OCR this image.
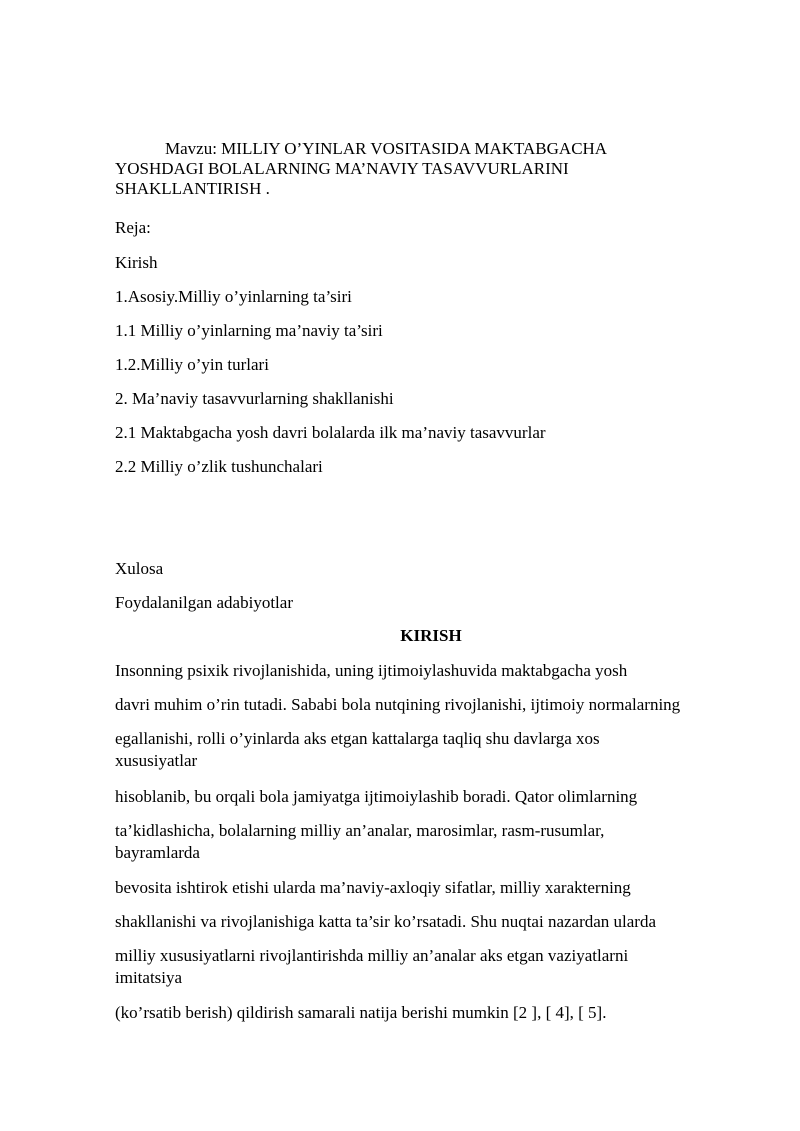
Mavzu: MILLIY O’YINLAR VOSITASIDA MAKTABGACHA YOSHDAGI BOLALARNING MA’NAVIY TASAVVURLARINI SHAKLLANTIRISH .
Reja:
Kirish
1.Asosiy.Milliy o’yinlarning ta’siri
1.1 Milliy o’yinlarning ma’naviy ta’siri
1.2.Milliy o’yin turlari
2. Ma’naviy tasavvurlarning shakllanishi
2.1 Maktabgacha yosh davri bolalarda ilk ma’naviy tasavvurlar
2.2 Milliy o’zlik tushunchalari
Xulosa
Foydalanilgan adabiyotlar
KIRISH
Insonning psixik rivojlanishida, uning ijtimoiylashuvida maktabgacha yosh
davri muhim o’rin tutadi. Sababi bola nutqining rivojlanishi, ijtimoiy normalarning
egallanishi, rolli o’yinlarda aks etgan kattalarga taqliq shu davlarga xos
xususiyatlar
hisoblanib, bu orqali bola jamiyatga ijtimoiylashib boradi. Qator olimlarning
ta’kidlashicha, bolalarning milliy an’analar, marosimlar, rasm-rusumlar,
bayramlarda
bevosita ishtirok etishi ularda ma’naviy-axloqiy sifatlar, milliy xarakterning
shakllanishi va rivojlanishiga katta ta’sir ko’rsatadi. Shu nuqtai nazardan ularda
milliy xususiyatlarni rivojlantirishda milliy an’analar aks etgan vaziyatlarni
imitatsiya
(ko’rsatib berish) qildirish samarali natija berishi mumkin [2 ], [ 4], [ 5].
